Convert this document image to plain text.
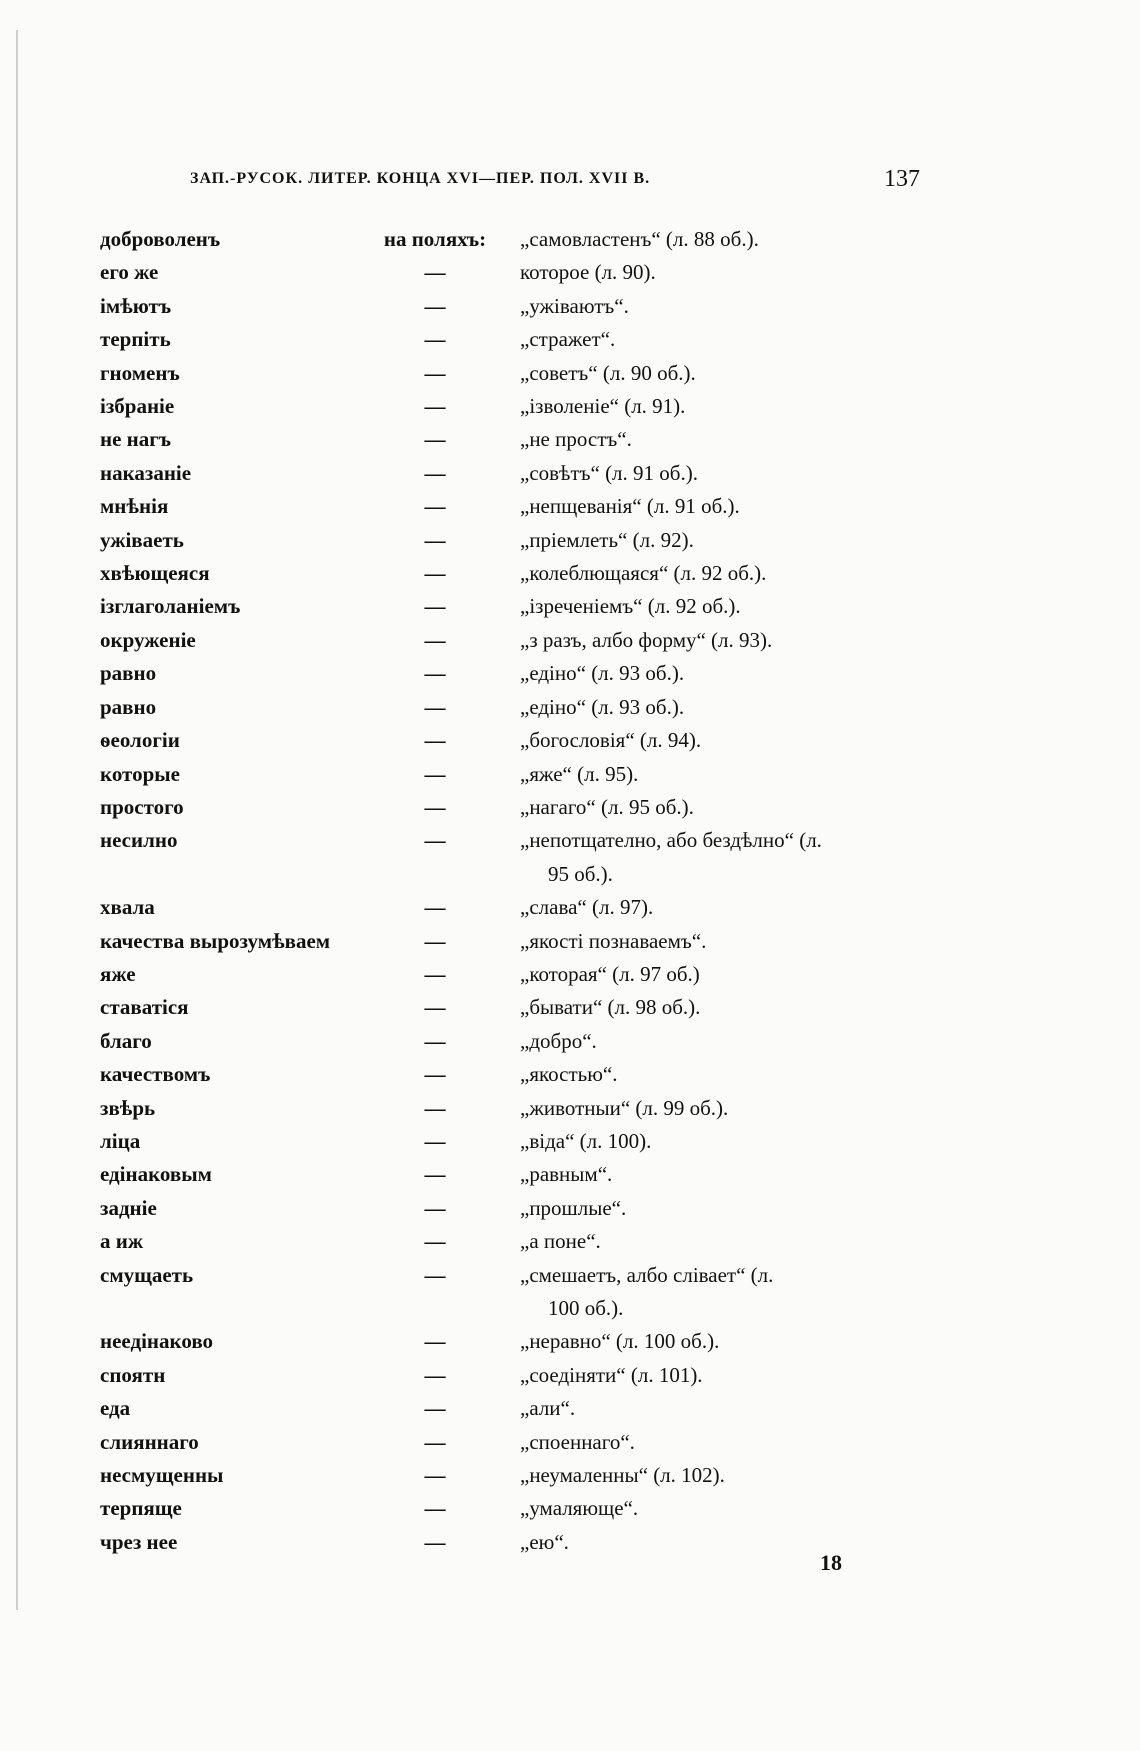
ЗАП.-РУСОК. ЛИТЕР. КОНЦА XVI—ПЕР. ПОЛ. XVII В.	137
доброволенъ	на поляхъ:	„самовластенъ“ (л. 88 об.).
его же	—	которое (л. 90).
імѣютъ	—	„ужіваютъ“.
терпіть	—	„стражет“.
гноменъ	—	„советъ“ (л. 90 об.).
ізбраніе	—	„ізволеніе“ (л. 91).
не нагъ	—	„не простъ“.
наказаніе	—	„совѣтъ“ (л. 91 об.).
мнѣнія	—	„непщеванія“ (л. 91 об.).
ужіваеть	—	„пріемлеть“ (л. 92).
хвѣющеяся	—	„колеблющаяся“ (л. 92 об.).
ізглаголаніемъ	—	„ізреченіемъ“ (л. 92 об.).
окруженіе	—	„з разъ, албо форму“ (л. 93).
равно	—	„едіно“ (л. 93 об.).
равно	—	„едіно“ (л. 93 об.).
ѳеологіи	—	„богословія“ (л. 94).
которые	—	„яже“ (л. 95).
простого	—	„нагаго“ (л. 95 об.).
несилно	—	„непотщателно, або бездѣлно“ (л.
95 об.).
хвала	—	„слава“ (л. 97).
качества вырозумѣваем	—	„якості познаваемъ“.
яже	—	„которая“ (л. 97 об.)
ставатіся	—	„бывати“ (л. 98 об.).
благо	—	„добро“.
качествомъ	—	„якостью“.
звѣрь	—	„животныи“ (л. 99 об.).
ліца	—	„віда“ (л. 100).
едінаковым	—	„равным“.
задніе	—	„прошлые“.
а иж	—	„а поне“.
смущаеть	—	„смешаетъ, албо слівает“ (л.
100 об.).
неедінаково	—	„неравно“ (л. 100 об.).
споятн	—	„соедіняти“ (л. 101).
еда	—	„али“.
слияннаго	—	„споеннаго“.
несмущенны	—	„неумаленны“ (л. 102).
терпяще	—	„умаляюще“.
чрез нее	—	„ею“.
18
